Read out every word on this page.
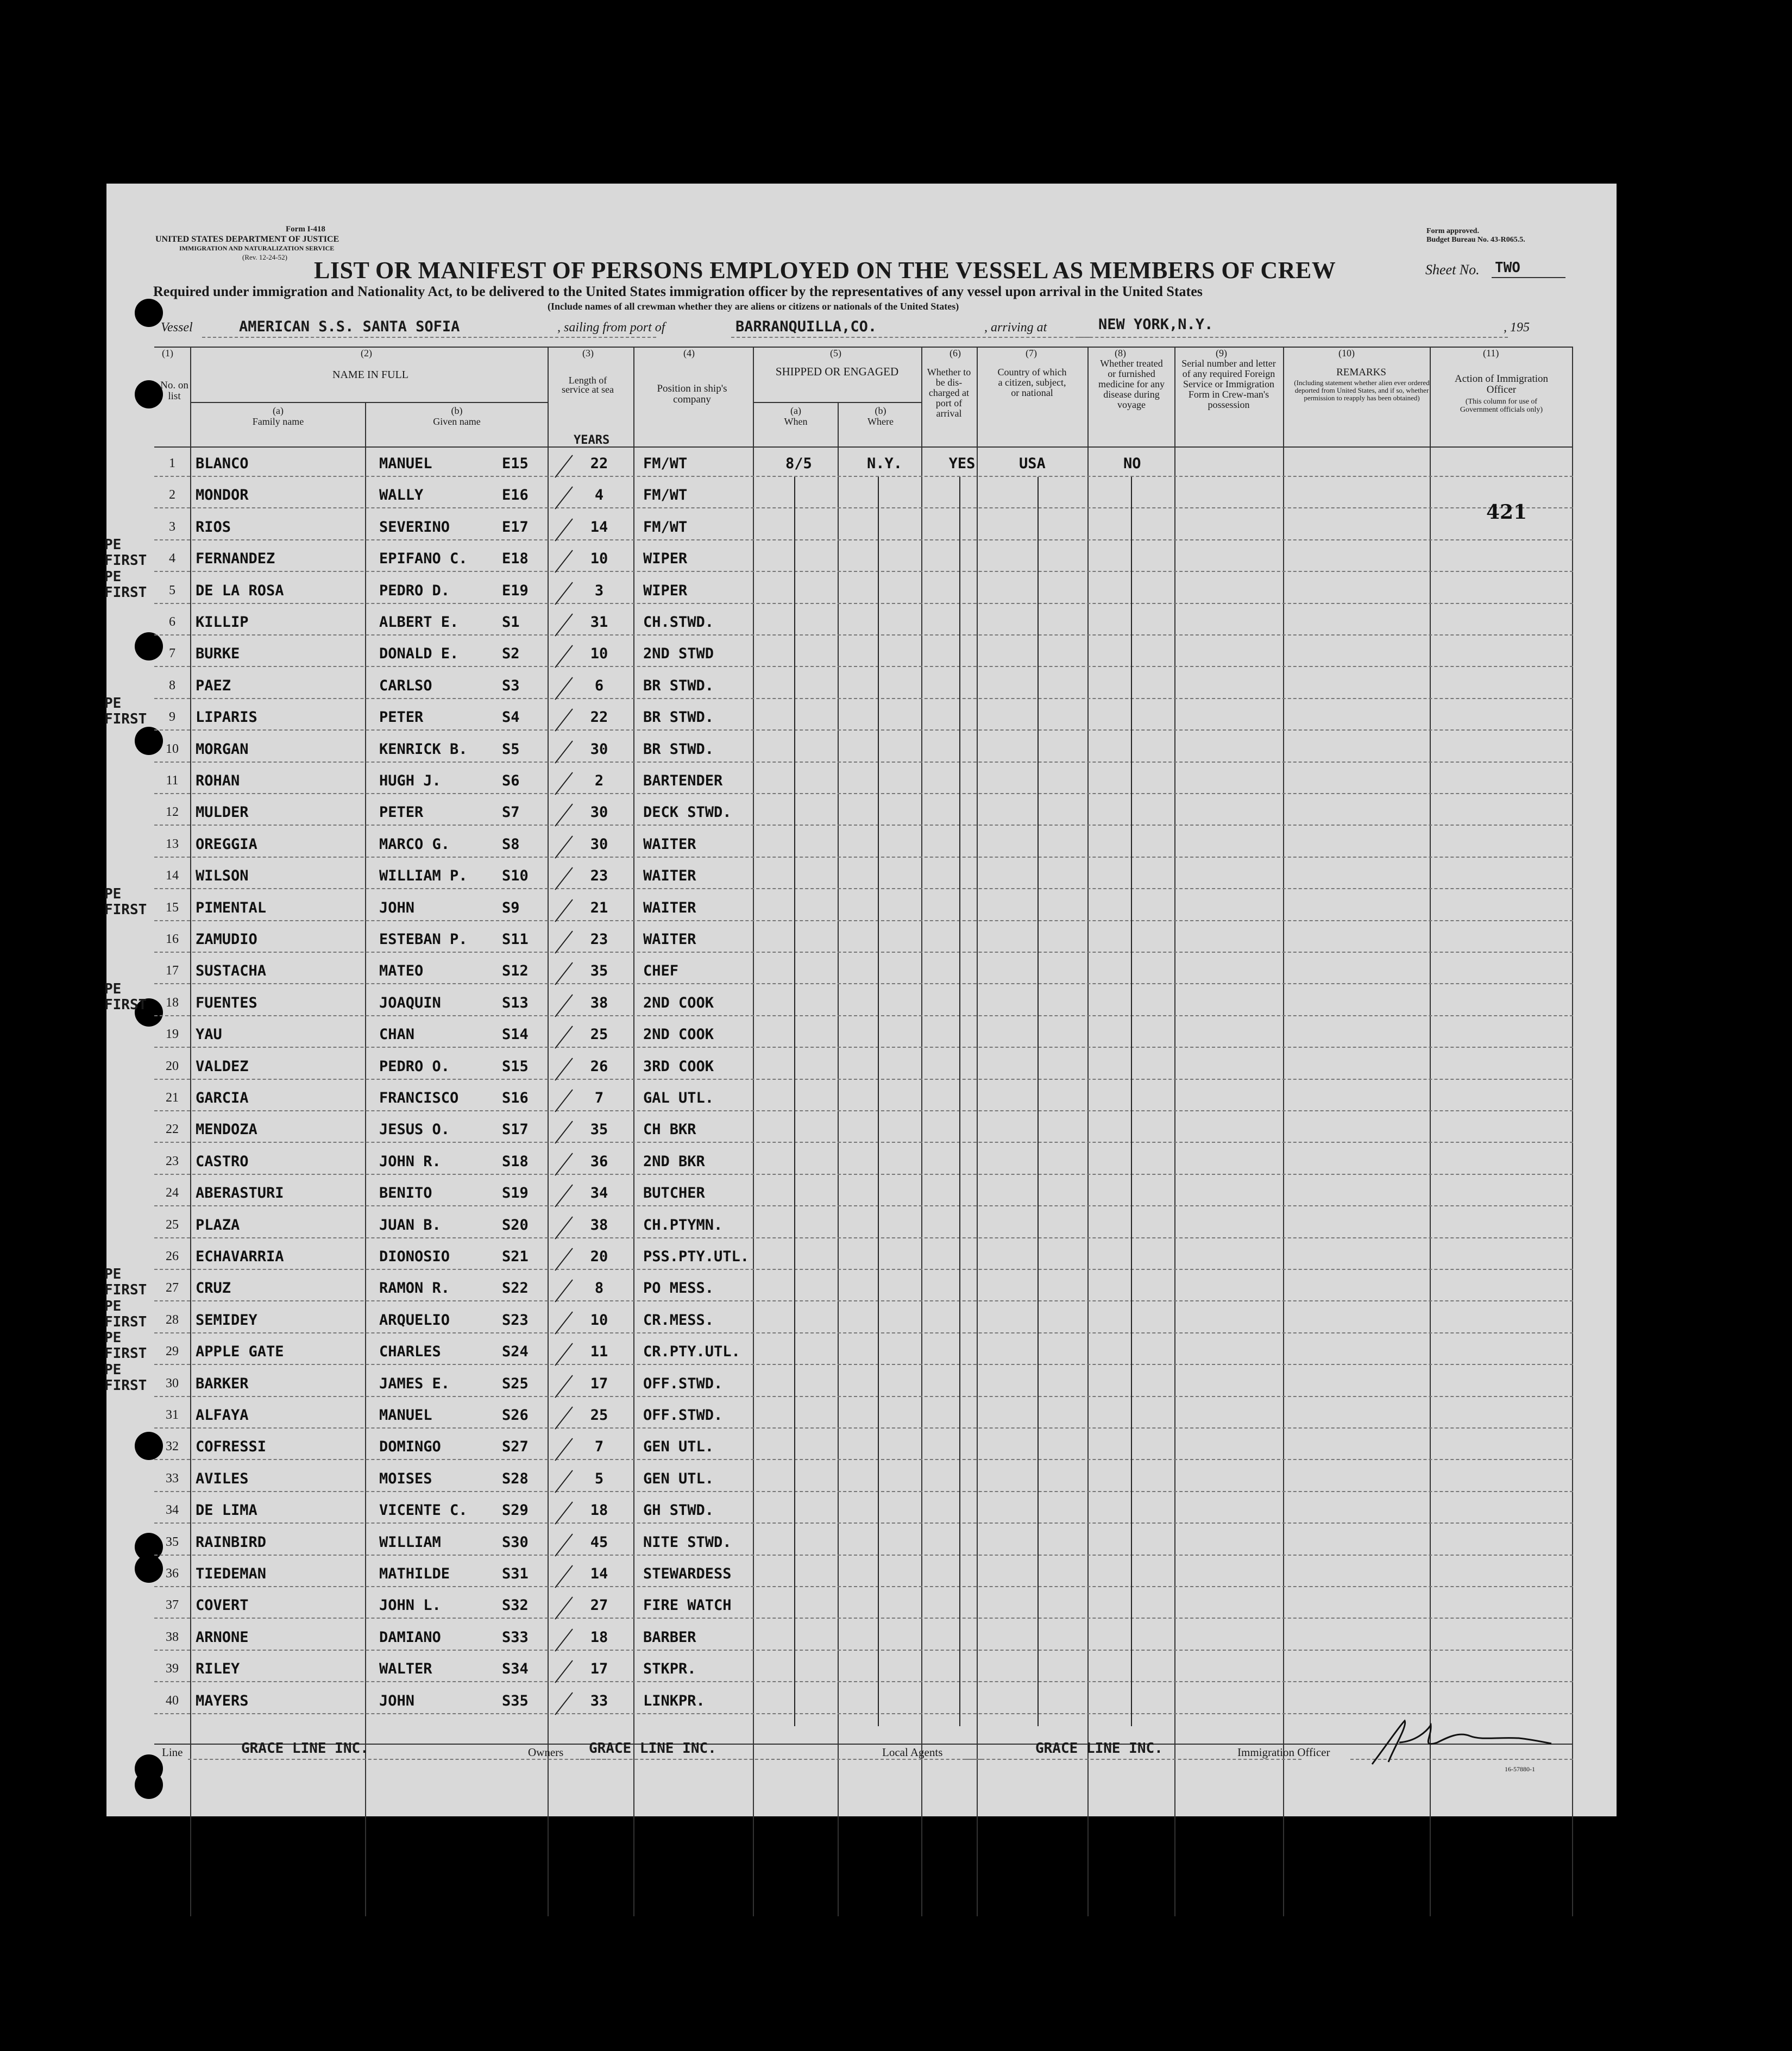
Form I-418
UNITED STATES DEPARTMENT OF JUSTICE
IMMIGRATION AND NATURALIZATION SERVICE
(Rev. 12-24-52)
Form approved.
Budget Bureau No. 43-R065.5.
LIST OR MANIFEST OF PERSONS EMPLOYED ON THE VESSEL AS MEMBERS OF CREW	Sheet No. TWO
Required under immigration and Nationality Act, to be delivered to the United States immigration officer by the representatives of any vessel upon arrival in the United States
(Include names of all crewman whether they are aliens or citizens or nationals of the United States)
Vessel	AMERICAN S.S. SANTA SOFIA	, sailing from port of	BARRANQUILLA,CO.	, arriving at	NEW YORK,N.Y.	, 195
(1)	(2)	(3)	(4)	(5)	(6)	(7)	(8)	(9)	(10)	(11)
No. on list
NAME IN FULL
(a)
Family name
(b)
Given name
Length of service at sea
YEARS
Position in ship's company
SHIPPED OR ENGAGED
(a)
When
(b)
Where
Whether to be dis-charged at port of arrival
Country of which a citizen, subject, or national
Whether treated or furnished medicine for any disease during voyage
Serial number and letter of any required Foreign Service or Immigration Form in Crew-man's possession
REMARKS
(Including statement whether alien ever ordered deported from United States, and if so, whether permission to reapply has been obtained)
Action of Immigration Officer
(This column for use of Government officials only)
1	BLANCO	MANUEL	E15	22	FM/WT	8/5	N.Y.	YES	USA	NO
2	MONDOR	WALLY	E16	4	FM/WT
421
3	RIOS	SEVERINO	E17	14	FM/WT
4	FERNANDEZ	EPIFANO C. E18	10	WIPER
PE
FIRST
5	DE LA ROSA	PEDRO D.	E19	3	WIPER
PE
FIRST
6	KILLIP	ALBERT E.	S1	31	CH.STWD.
7	BURKE	DONALD E.	S2	10	2ND STWD
8	PAEZ	CARLSO	S3	6	BR STWD.
9	LIPARIS	PETER	S4	22	BR STWD.
PE
FIRST
10	MORGAN	KENRICK B. S5	30	BR STWD.
11	ROHAN	HUGH J.	S6	2	BARTENDER
12	MULDER	PETER	S7	30	DECK STWD.
13	OREGGIA	MARCO G.	S8	30	WAITER
14	WILSON	WILLIAM P. S10	23	WAITER
15	PIMENTAL	JOHN	S9	21	WAITER
PE
FIRST
16	ZAMUDIO	ESTEBAN P. S11	23	WAITER
17	SUSTACHA	MATEO	S12	35	CHEF
18	FUENTES	JOAQUIN	S13	38	2ND COOK
PE
FIRST
19	YAU	CHAN	S14	25	2ND COOK
20	VALDEZ	PEDRO O.	S15	26	3RD COOK
21	GARCIA	FRANCISCO	S16	7	GAL UTL.
22	MENDOZA	JESUS O.	S17	35	CH BKR
23	CASTRO	JOHN R.	S18	36	2ND BKR
24	ABERASTURI	BENITO	S19	34	BUTCHER
25	PLAZA	JUAN B.	S20	38	CH.PTYMN.
26	ECHAVARRIA	DIONOSIO	S21	20	PSS.PTY.UTL.
27	CRUZ	RAMON R.	S22	8	PO MESS.
PE
FIRST
28	SEMIDEY	ARQUELIO	S23	10	CR.MESS.
PE
FIRST
29	APPLE GATE	CHARLES	S24	11	CR.PTY.UTL.
PE
FIRST
30	BARKER	JAMES E.	S25	17	OFF.STWD.
PE
FIRST
31	ALFAYA	MANUEL	S26	25	OFF.STWD.
32	COFRESSI	DOMINGO	S27	7	GEN UTL.
33	AVILES	MOISES	S28	5	GEN UTL.
34	DE LIMA	VICENTE C. S29	18	GH STWD.
35	RAINBIRD	WILLIAM	S30	45	NITE STWD.
36	TIEDEMAN	MATHILDE	S31	14	STEWARDESS
37	COVERT	JOHN L.	S32	27	FIRE WATCH
38	ARNONE	DAMIANO	S33	18	BARBER
39	RILEY	WALTER	S34	17	STKPR.
40	MAYERS	JOHN	S35	33	LINKPR.
Line	GRACE LINE INC.	Owners GRACE LINE INC.	Local Agents	GRACE LINE INC.	Immigration Officer
16-57880-1
